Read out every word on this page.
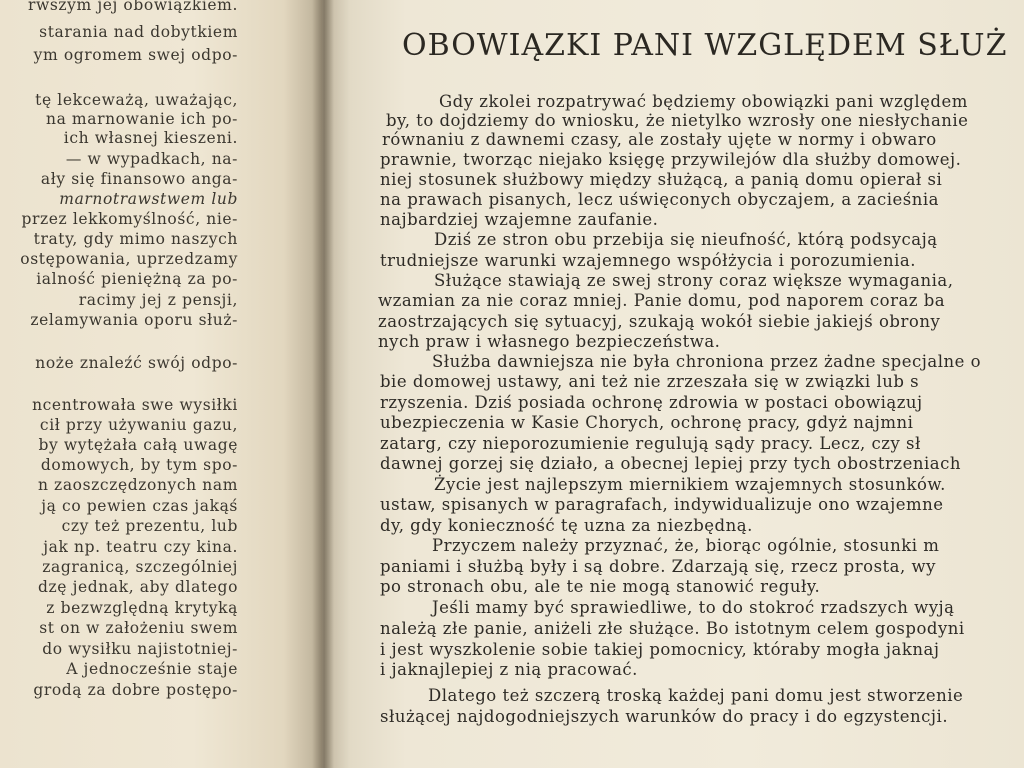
rwszym jej obowiązkiem.
starania nad dobytkiem
ym ogromem swej odpo-
tę lekceważą, uważając,
na marnowanie ich po-
ich własnej kieszeni.
— w wypadkach, na-
ały się finansowo anga-
marnotrawstwem lub
przez lekkomyślność, nie-
traty, gdy mimo naszych
ostępowania, uprzedzamy
ialność pieniężną za po-
racimy jej z pensji,
zelamywania oporu służ-
noże znaleźć swój odpo-
ncentrowała swe wysiłki
cił przy używaniu gazu,
by wytężała całą uwagę
domowych, by tym spo-
n zaoszczędzonych nam
ją co pewien czas jakąś
czy też prezentu, lub
jak np. teatru czy kina.
zagranicą, szczególniej
dzę jednak, aby dlatego
z bezwzględną krytyką
st on w założeniu swem
do wysiłku najistotniej-
A jednocześnie staje
grodą za dobre postępo-
OBOWIĄZKI PANI WZGLĘDEM SŁUŻ
Gdy zkolei rozpatrywać będziemy obowiązki pani względem
by, to dojdziemy do wniosku, że nietylko wzrosły one niesłychanie
równaniu z dawnemi czasy, ale zostały ujęte w normy i obwaro
prawnie, tworząc niejako księgę przywilejów dla służby domowej.
niej stosunek służbowy między służącą, a panią domu opierał si
na prawach pisanych, lecz uświęconych obyczajem, a zacieśnia
najbardziej wzajemne zaufanie.
Dziś ze stron obu przebija się nieufność, którą podsycają
trudniejsze warunki wzajemnego współżycia i porozumienia.
Służące stawiają ze swej strony coraz większe wymagania,
wzamian za nie coraz mniej. Panie domu, pod naporem coraz ba
zaostrzających się sytuacyj, szukają wokół siebie jakiejś obrony
nych praw i własnego bezpieczeństwa.
Służba dawniejsza nie była chroniona przez żadne specjalne o
bie domowej ustawy, ani też nie zrzeszała się w związki lub s
rzyszenia. Dziś posiada ochronę zdrowia w postaci obowiązuj
ubezpieczenia w Kasie Chorych, ochronę pracy, gdyż najmni
zatarg, czy nieporozumienie regulują sądy pracy. Lecz, czy sł
dawnej gorzej się działo, a obecnej lepiej przy tych obostrzeniach
Życie jest najlepszym miernikiem wzajemnych stosunków.
ustaw, spisanych w paragrafach, indywidualizuje ono wzajemne
dy, gdy konieczność tę uzna za niezbędną.
Przyczem należy przyznać, że, biorąc ogólnie, stosunki m
paniami i służbą były i są dobre. Zdarzają się, rzecz prosta, wy
po stronach obu, ale te nie mogą stanowić reguły.
Jeśli mamy być sprawiedliwe, to do stokroć rzadszych wyją
należą złe panie, aniżeli złe służące. Bo istotnym celem gospodyni
i jest wyszkolenie sobie takiej pomocnicy, któraby mogła jaknaj
i jaknajlepiej z nią pracować.
Dlatego też szczerą troską każdej pani domu jest stworzenie
służącej najdogodniejszych warunków do pracy i do egzystencji.
